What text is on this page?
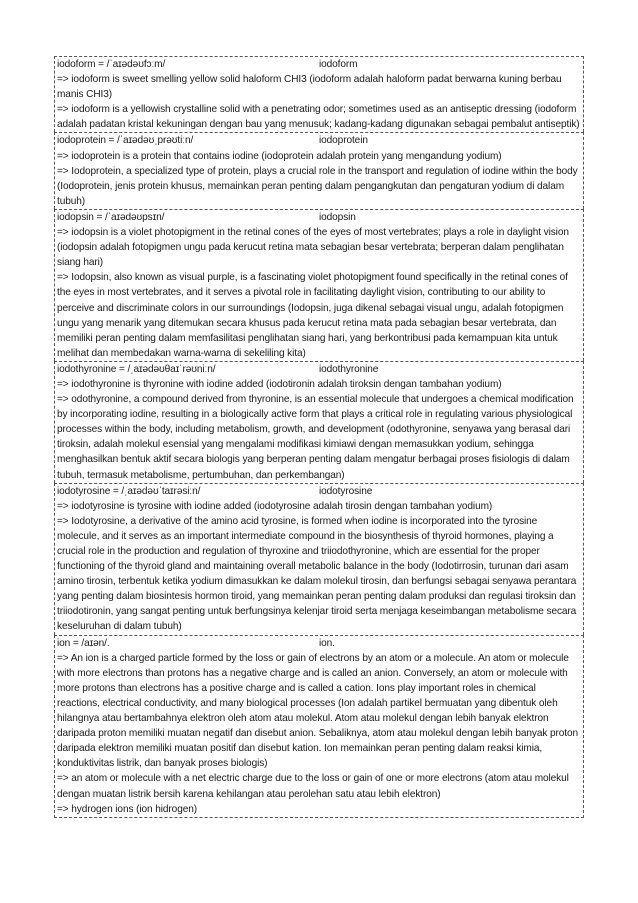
iodoform = /ˈaɪədəʊfɔːm/	iodoform
=> iodoform is sweet smelling yellow solid haloform CHI3 (iodoform adalah haloform padat berwarna kuning berbau manis CHI3)
=> iodoform is a yellowish crystalline solid with a penetrating odor; sometimes used as an antiseptic dressing (iodoform adalah padatan kristal kekuningan dengan bau yang menusuk; kadang-kadang digunakan sebagai pembalut antiseptik)
iodoprotein = /ˈaɪədəʊˌprəʊtiːn/	iodoprotein
=> iodoprotein is a protein that contains iodine (iodoprotein adalah protein yang mengandung yodium)
=> Iodoprotein, a specialized type of protein, plays a crucial role in the transport and regulation of iodine within the body (Iodoprotein, jenis protein khusus, memainkan peran penting dalam pengangkutan dan pengaturan yodium di dalam tubuh)
iodopsin = /ˈaɪədəʊpsɪn/	iodopsin
=> iodopsin is a violet photopigment in the retinal cones of the eyes of most vertebrates; plays a role in daylight vision (iodopsin adalah fotopigmen ungu pada kerucut retina mata sebagian besar vertebrata; berperan dalam penglihatan siang hari)
=> Iodopsin, also known as visual purple, is a fascinating violet photopigment found specifically in the retinal cones of the eyes in most vertebrates, and it serves a pivotal role in facilitating daylight vision, contributing to our ability to perceive and discriminate colors in our surroundings (Iodopsin, juga dikenal sebagai visual ungu, adalah fotopigmen ungu yang menarik yang ditemukan secara khusus pada kerucut retina mata pada sebagian besar vertebrata, dan memiliki peran penting dalam memfasilitasi penglihatan siang hari, yang berkontribusi pada kemampuan kita untuk melihat dan membedakan warna-warna di sekeliling kita)
iodothyronine = /ˌaɪədəʊθaɪˈrəʊniːn/	iodothyronine
=> iodothyronine is thyronine with iodine added (iodotironin adalah tiroksin dengan tambahan yodium)
=> odothyronine, a compound derived from thyronine, is an essential molecule that undergoes a chemical modification by incorporating iodine, resulting in a biologically active form that plays a critical role in regulating various physiological processes within the body, including metabolism, growth, and development (odothyronine, senyawa yang berasal dari tiroksin, adalah molekul esensial yang mengalami modifikasi kimiawi dengan memasukkan yodium, sehingga menghasilkan bentuk aktif secara biologis yang berperan penting dalam mengatur berbagai proses fisiologis di dalam tubuh, termasuk metabolisme, pertumbuhan, dan perkembangan)
iodotyrosine = /ˌaɪədəʊˈtaɪrəsiːn/	iodotyrosine
=> iodotyrosine is tyrosine with iodine added (iodotyrosine adalah tirosin dengan tambahan yodium)
=> Iodotyrosine, a derivative of the amino acid tyrosine, is formed when iodine is incorporated into the tyrosine molecule, and it serves as an important intermediate compound in the biosynthesis of thyroid hormones, playing a crucial role in the production and regulation of thyroxine and triiodothyronine, which are essential for the proper functioning of the thyroid gland and maintaining overall metabolic balance in the body (Iodotirrosin, turunan dari asam amino tirosin, terbentuk ketika yodium dimasukkan ke dalam molekul tirosin, dan berfungsi sebagai senyawa perantara yang penting dalam biosintesis hormon tiroid, yang memainkan peran penting dalam produksi dan regulasi tiroksin dan triiodotironin, yang sangat penting untuk berfungsinya kelenjar tiroid serta menjaga keseimbangan metabolisme secara keseluruhan di dalam tubuh)
ion = /aɪən/.	ion.
=> An ion is a charged particle formed by the loss or gain of electrons by an atom or a molecule. An atom or molecule with more electrons than protons has a negative charge and is called an anion. Conversely, an atom or molecule with more protons than electrons has a positive charge and is called a cation. Ions play important roles in chemical reactions, electrical conductivity, and many biological processes (Ion adalah partikel bermuatan yang dibentuk oleh hilangnya atau bertambahnya elektron oleh atom atau molekul. Atom atau molekul dengan lebih banyak elektron daripada proton memiliki muatan negatif dan disebut anion. Sebaliknya, atom atau molekul dengan lebih banyak proton daripada elektron memiliki muatan positif dan disebut kation. Ion memainkan peran penting dalam reaksi kimia, konduktivitas listrik, dan banyak proses biologis)
=> an atom or molecule with a net electric charge due to the loss or gain of one or more electrons (atom atau molekul dengan muatan listrik bersih karena kehilangan atau perolehan satu atau lebih elektron)
=> hydrogen ions (ion hidrogen)
